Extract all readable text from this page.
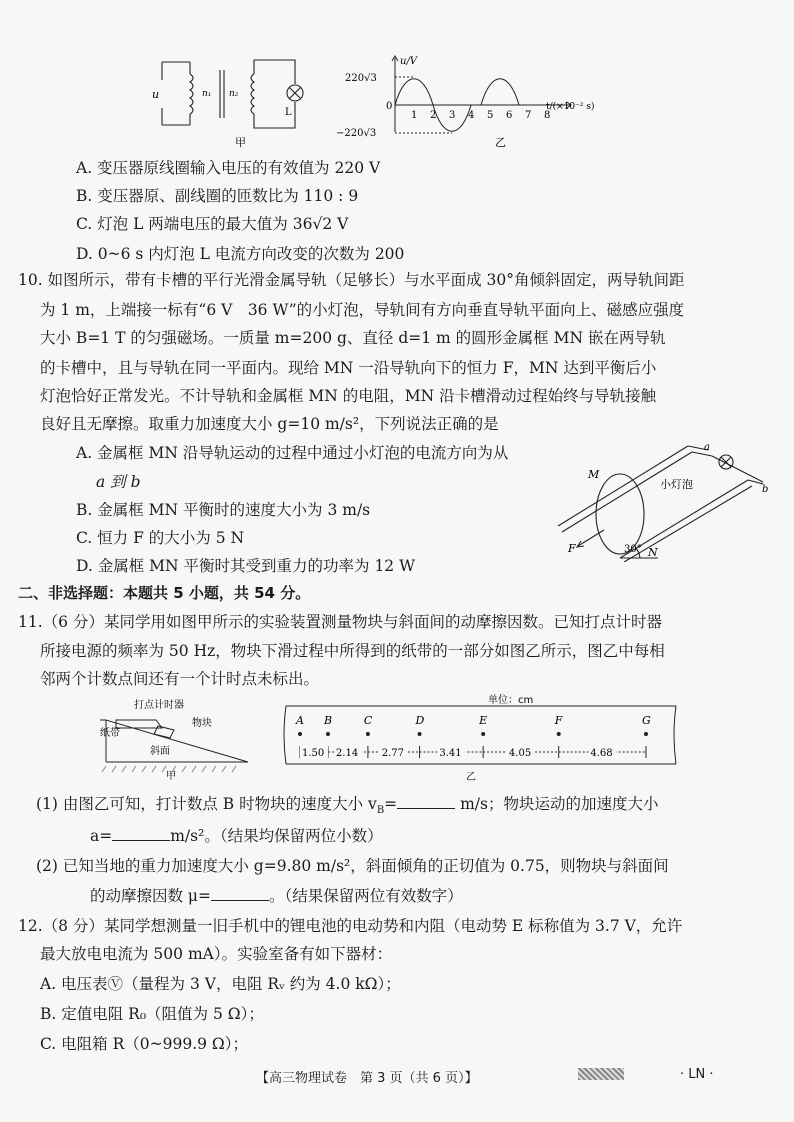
u	n₁ n₂
L
甲
u/V
220√3
−220√3
0
1 2 3 4 5 6 7 8
t/(×10⁻² s)
乙
A. 变压器原线圈输入电压的有效值为 220 V
B. 变压器原、副线圈的匝数比为 110 : 9
C. 灯泡 L 两端电压的最大值为 36√2 V
D. 0~6 s 内灯泡 L 电流方向改变的次数为 200
10. 如图所示，带有卡槽的平行光滑金属导轨（足够长）与水平面成 30°角倾斜固定，两导轨间距
为 1 m，上端接一标有“6 V　36 W”的小灯泡，导轨间有方向垂直导轨平面向上、磁感应强度
大小 B=1 T 的匀强磁场。一质量 m=200 g、直径 d=1 m 的圆形金属框 MN 嵌在两导轨
的卡槽中，且与导轨在同一平面内。现给 MN 一沿导轨向下的恒力 F，MN 达到平衡后小
灯泡恰好正常发光。不计导轨和金属框 MN 的电阻，MN 沿卡槽滑动过程始终与导轨接触
良好且无摩擦。取重力加速度大小 g=10 m/s²，下列说法正确的是
A. 金属框 MN 沿导轨运动的过程中通过小灯泡的电流方向为从
a 到 b
B. 金属框 MN 平衡时的速度大小为 3 m/s
C. 恒力 F 的大小为 5 N
D. 金属框 MN 平衡时其受到重力的功率为 12 W
M
N
F
a
b
小灯泡
30°
二、非选择题：本题共 5 小题，共 54 分。
11.（6 分）某同学用如图甲所示的实验装置测量物块与斜面间的动摩擦因数。已知打点计时器
所接电源的频率为 50 Hz，物块下滑过程中所得到的纸带的一部分如图乙所示，图乙中每相
邻两个计数点间还有一个计时点未标出。
打点计时器
物块
纸带
斜面
甲
单位：cm
A B	C	D	E	F	G
1.50 2.14 2.77	3.41	4.05	4.68
乙
(1) 由图乙可知，打计数点 B 时物块的速度大小 $v_B=$	m/s；物块运动的加速度大小
a=	m/s²。（结果均保留两位小数）
(2) 已知当地的重力加速度大小 g=9.80 m/s²，斜面倾角的正切值为 0.75，则物块与斜面间
的动摩擦因数 μ=	。（结果保留两位有效数字）
12.（8 分）某同学想测量一旧手机中的锂电池的电动势和内阻（电动势 E 标称值为 3.7 V，允许
最大放电电流为 500 mA）。实验室备有如下器材：
A. 电压表Ⓥ（量程为 3 V，电阻 Rᵥ 约为 4.0 kΩ）；
B. 定值电阻 R₀（阻值为 5 Ω）；
C. 电阻箱 R（0~999.9 Ω）；
【高三物理试卷　第 3 页（共 6 页）】	· LN ·
